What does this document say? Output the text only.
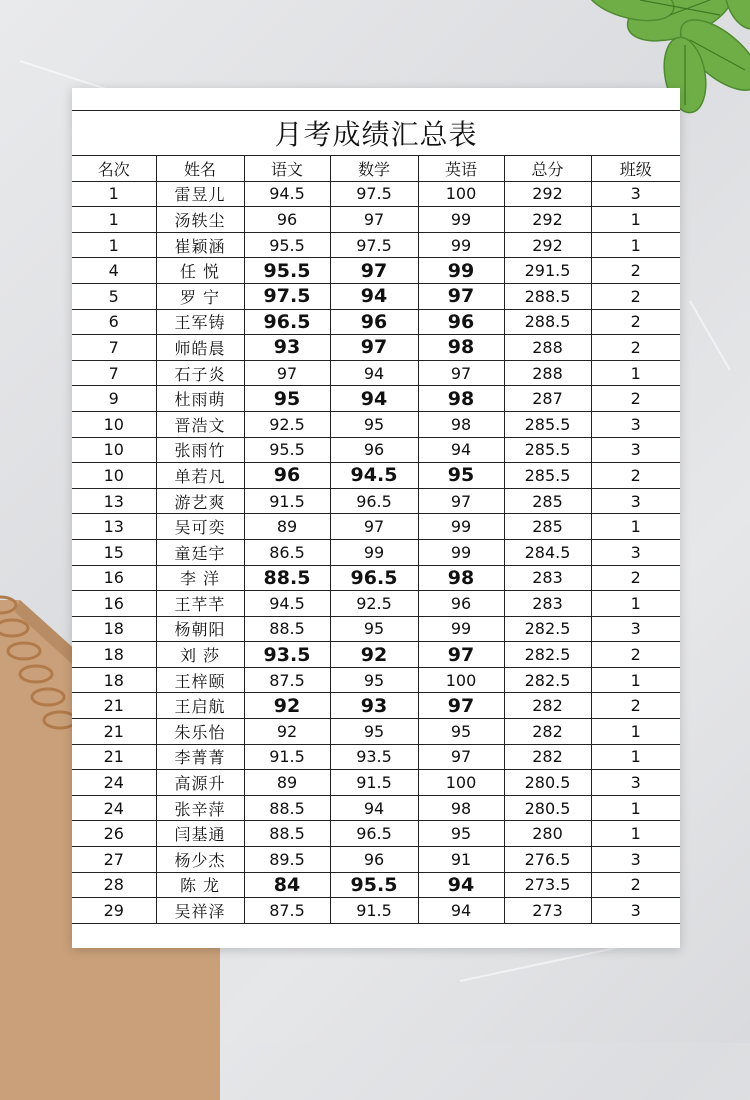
月考成绩汇总表						
名次	姓名	语文	数学	英语	总分	班级
1	雷昱儿	94.5	97.5	100	292	3
1	汤轶尘	96	97	99	292	1
1	崔颖涵	95.5	97.5	99	292	1
4	任 悦	95.5	97	99	291.5	2
5	罗 宁	97.5	94	97	288.5	2
6	王军铸	96.5	96	96	288.5	2
7	师皓晨	93	97	98	288	2
7	石子炎	97	94	97	288	1
9	杜雨萌	95	94	98	287	2
10	晋浩文	92.5	95	98	285.5	3
10	张雨竹	95.5	96	94	285.5	3
10	单若凡	96	94.5	95	285.5	2
13	游艺爽	91.5	96.5	97	285	3
13	吴可奕	89	97	99	285	1
15	童廷宇	86.5	99	99	284.5	3
16	李 洋	88.5	96.5	98	283	2
16	王芊芊	94.5	92.5	96	283	1
18	杨朝阳	88.5	95	99	282.5	3
18	刘 莎	93.5	92	97	282.5	2
18	王梓颐	87.5	95	100	282.5	1
21	王启航	92	93	97	282	2
21	朱乐怡	92	95	95	282	1
21	李菁菁	91.5	93.5	97	282	1
24	高源升	89	91.5	100	280.5	3
24	张辛萍	88.5	94	98	280.5	1
26	闫基通	88.5	96.5	95	280	1
27	杨少杰	89.5	96	91	276.5	3
28	陈 龙	84	95.5	94	273.5	2
29	吴祥泽	87.5	91.5	94	273	3
